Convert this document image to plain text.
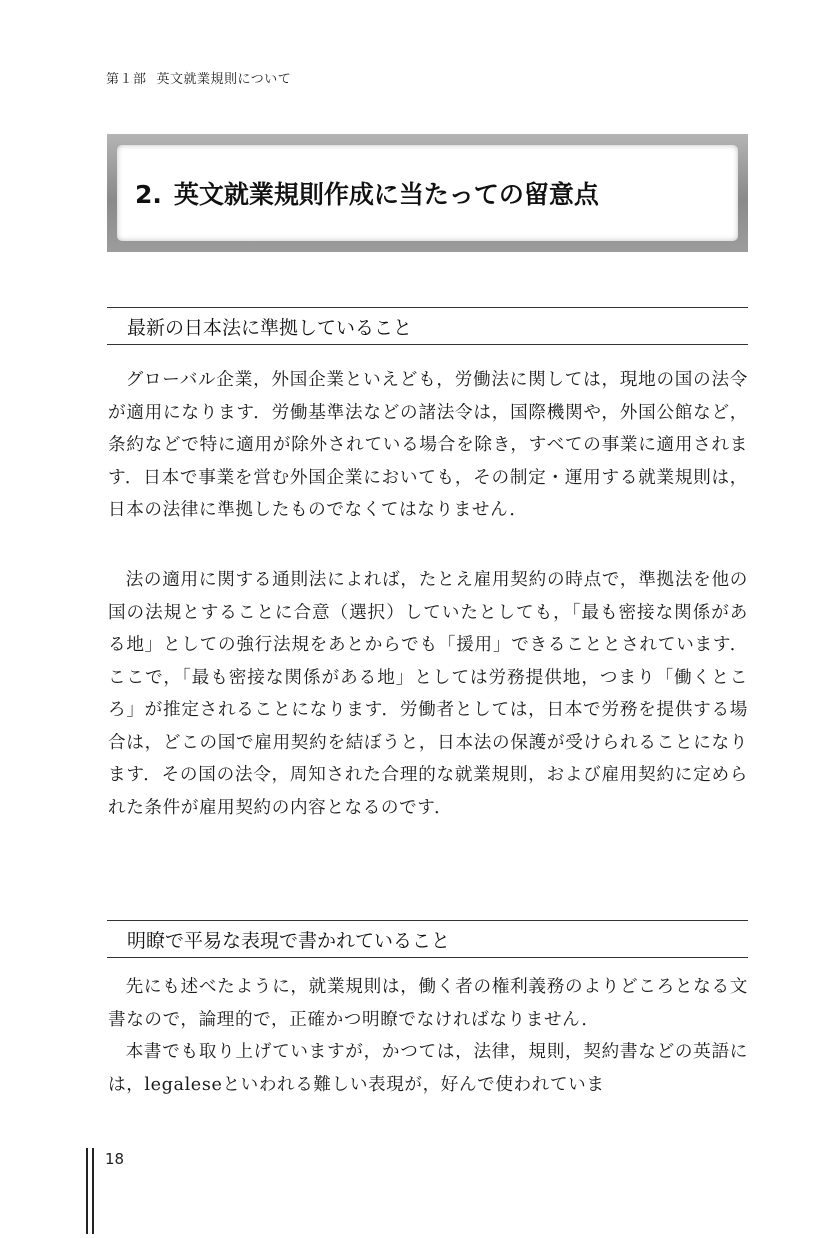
第１部 英文就業規則について
2. 英文就業規則作成に当たっての留意点
最新の日本法に準拠していること

グローバル企業，外国企業といえども，労働法に関しては，現地の国の法令が適用になります．労働基準法などの諸法令は，国際機関や，外国公館など，条約などで特に適用が除外されている場合を除き，すべての事業に適用されます．日本で事業を営む外国企業においても，その制定・運用する就業規則は，日本の法律に準拠したものでなくてはなりません．

法の適用に関する通則法によれば，たとえ雇用契約の時点で，準拠法を他の国の法規とすることに合意（選択）していたとしても，「最も密接な関係がある地」としての強行法規をあとからでも「援用」できることとされています．ここで，「最も密接な関係がある地」としては労務提供地，つまり「働くところ」が推定されることになります．労働者としては，日本で労務を提供する場合は，どこの国で雇用契約を結ぼうと，日本法の保護が受けられることになります．その国の法令，周知された合理的な就業規則，および雇用契約に定められた条件が雇用契約の内容となるのです．

明瞭で平易な表現で書かれていること

先にも述べたように，就業規則は，働く者の権利義務のよりどころとなる文書なので，論理的で，正確かつ明瞭でなければなりません．

本書でも取り上げていますが，かつては，法律，規則，契約書などの英語には，legaleseといわれる難しい表現が，好んで使われていま

18
